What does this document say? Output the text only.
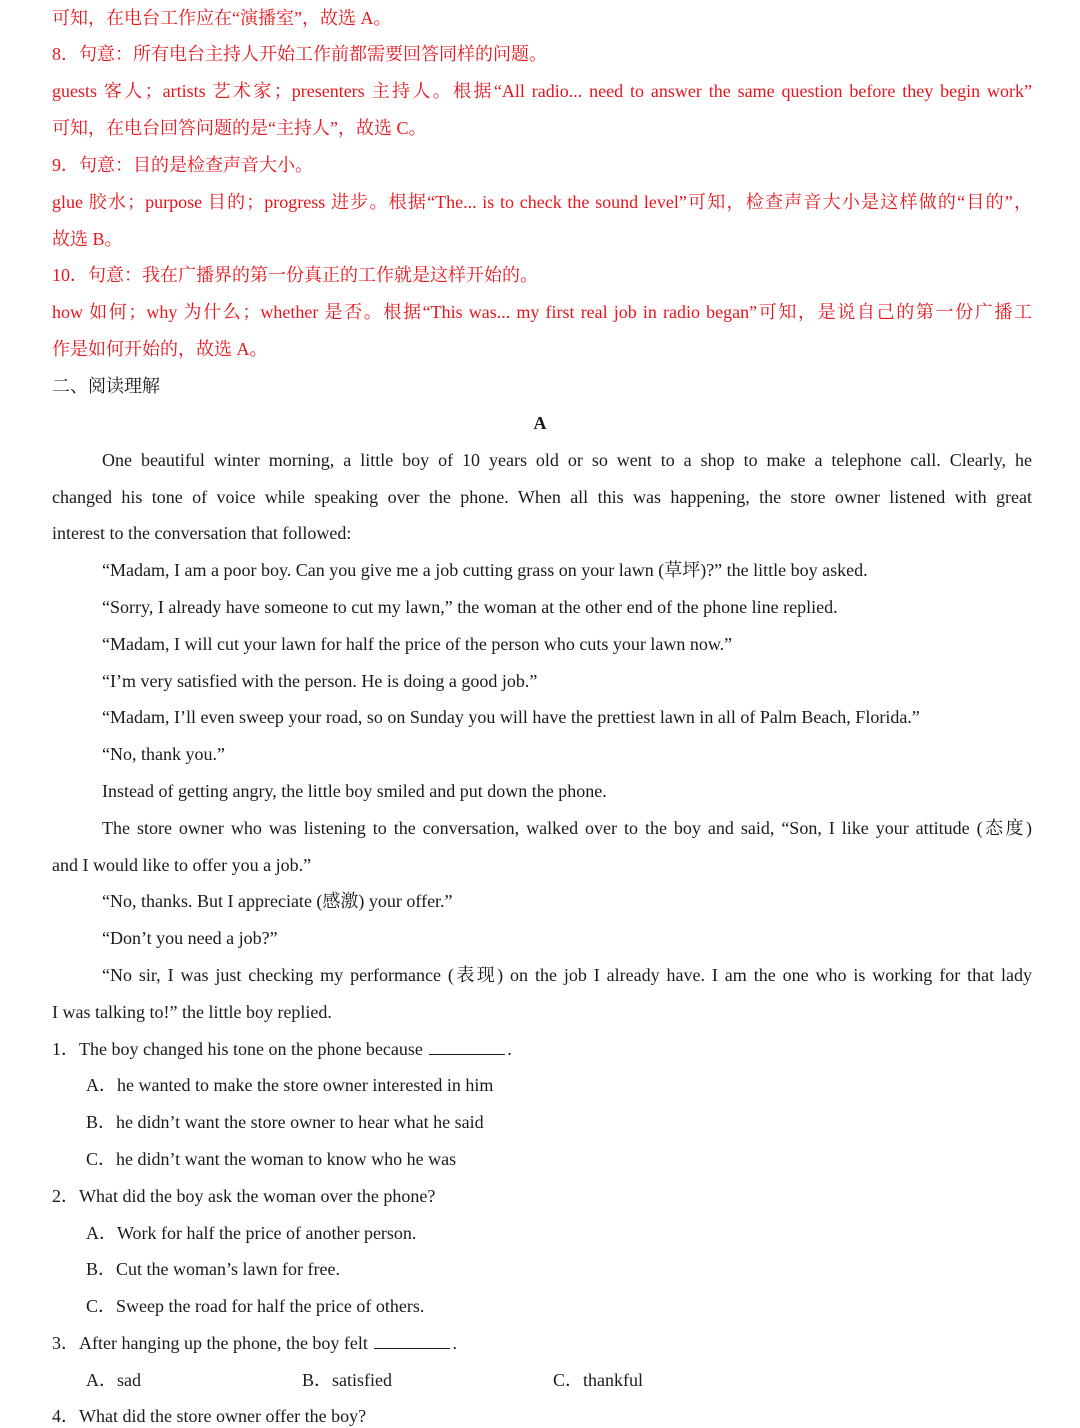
可知，在电台工作应在“演播室”，故选 A。
8．句意：所有电台主持人开始工作前都需要回答同样的问题。
guests 客人；artists 艺术家；presenters 主持人。根据“All radio... need to answer the same question before they begin work”
可知，在电台回答问题的是“主持人”，故选 C。
9．句意：目的是检查声音大小。
glue 胶水；purpose 目的；progress 进步。根据“The... is to check the sound level”可知，检查声音大小是这样做的“目的”，
故选 B。
10．句意：我在广播界的第一份真正的工作就是这样开始的。
how 如何；why 为什么；whether 是否。根据“This was... my first real job in radio began”可知，是说自己的第一份广播工
作是如何开始的，故选 A。
二、阅读理解
A
One beautiful winter morning, a little boy of 10 years old or so went to a shop to make a telephone call. Clearly, he
changed his tone of voice while speaking over the phone. When all this was happening, the store owner listened with great
interest to the conversation that followed:
“Madam, I am a poor boy. Can you give me a job cutting grass on your lawn (草坪)?” the little boy asked.
“Sorry, I already have someone to cut my lawn,” the woman at the other end of the phone line replied.
“Madam, I will cut your lawn for half the price of the person who cuts your lawn now.”
“I’m very satisfied with the person. He is doing a good job.”
“Madam, I’ll even sweep your road, so on Sunday you will have the prettiest lawn in all of Palm Beach, Florida.”
“No, thank you.”
Instead of getting angry, the little boy smiled and put down the phone.
The store owner who was listening to the conversation, walked over to the boy and said, “Son, I like your attitude (态度)
and I would like to offer you a job.”
“No, thanks. But I appreciate (感激) your offer.”
“Don’t you need a job?”
“No sir, I was just checking my performance (表现) on the job I already have. I am the one who is working for that lady
I was talking to!” the little boy replied.
1．The boy changed his tone on the phone because	.
A．he wanted to make the store owner interested in him
B．he didn’t want the store owner to hear what he said
C．he didn’t want the woman to know who he was
2．What did the boy ask the woman over the phone?
A．Work for half the price of another person.
B．Cut the woman’s lawn for free.
C．Sweep the road for half the price of others.
3．After hanging up the phone, the boy felt	.
A．sad	B．satisfied	C．thankful
4．What did the store owner offer the boy?
